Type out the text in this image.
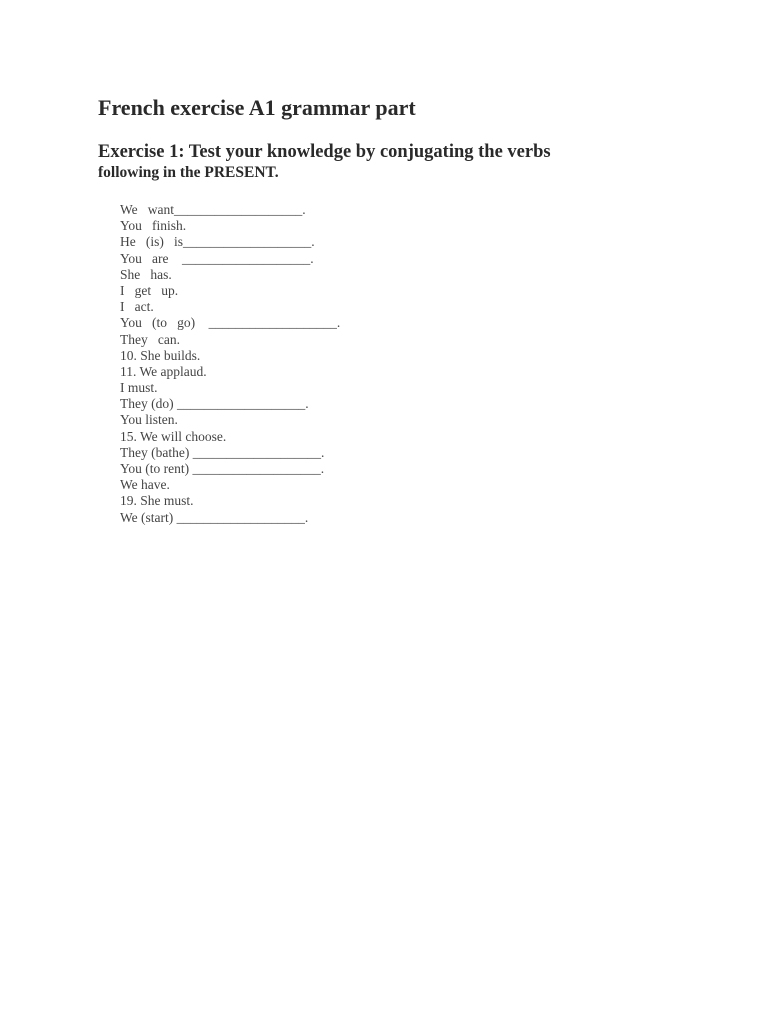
French exercise A1 grammar part
Exercise 1: Test your knowledge by conjugating the verbs
following in the PRESENT.
We   want___________________.
You   finish.
He   (is)   is___________________.
You   are    ___________________.
She   has.
I   get   up.
I   act.
You   (to   go)    ___________________.
They   can.
10. She builds.
11. We applaud.
I must.
They (do) ___________________.
You listen.
15. We will choose.
They (bathe) ___________________.
You (to rent) ___________________.
We have.
19. She must.
We (start) ___________________.
